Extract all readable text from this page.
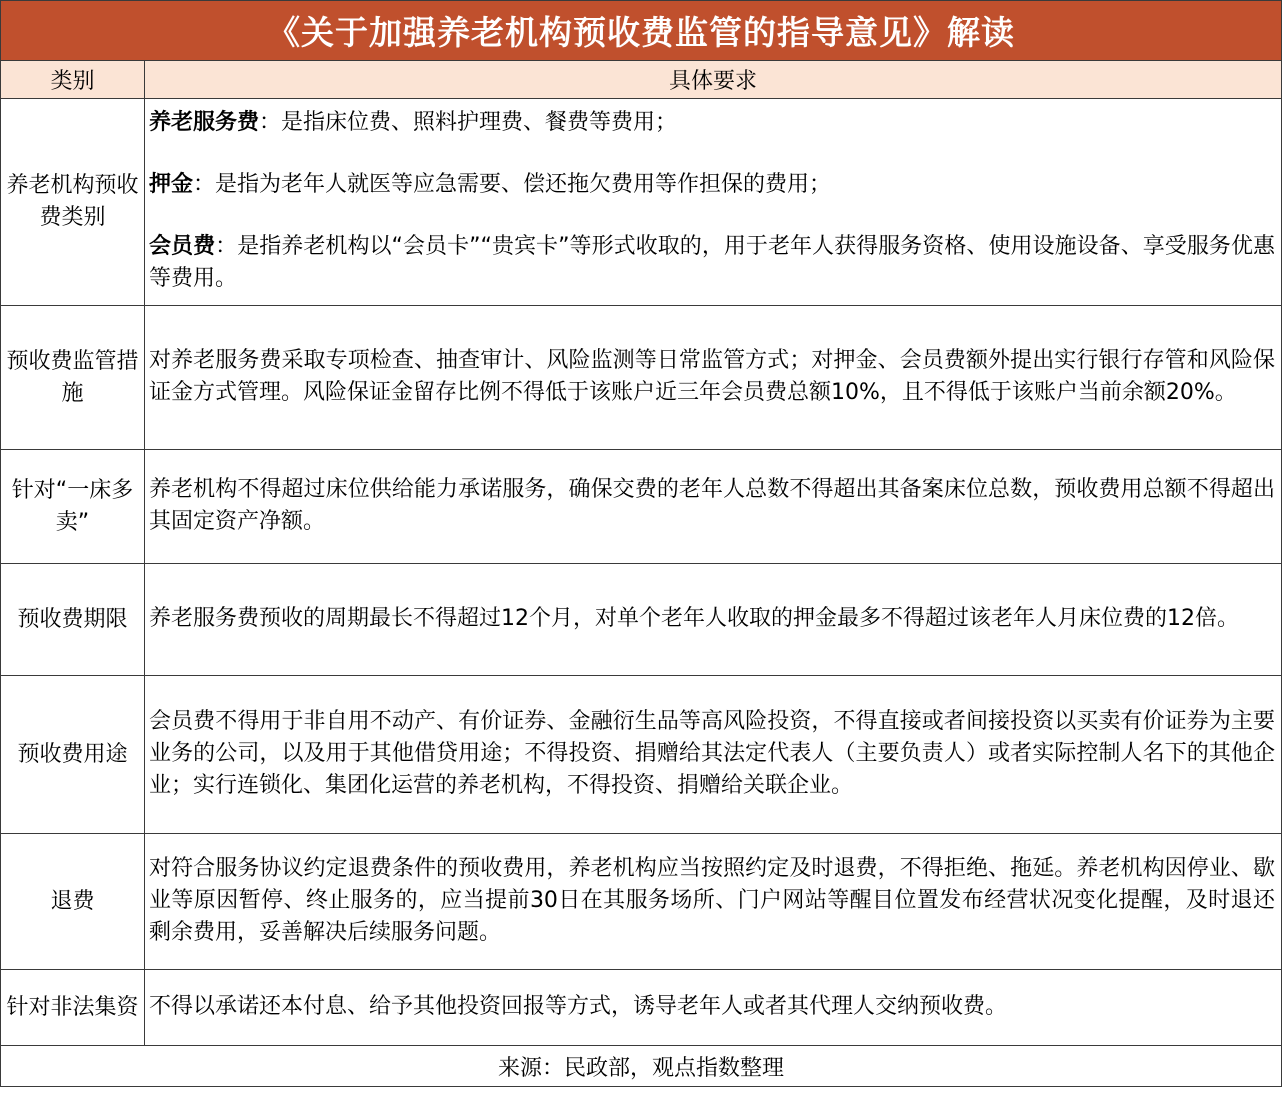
《关于加强养老机构预收费监管的指导意见》解读	
类别	具体要求
养老机构预收费类别	养老服务费：是指床位费、照料护理费、餐费等费用；

押金：是指为老年人就医等应急需要、偿还拖欠费用等作担保的费用；

会员费：是指养老机构以“会员卡”“贵宾卡”等形式收取的，用于老年人获得服务资格、使用设施设备、享受服务优惠等费用。

预收费监管措施	对养老服务费采取专项检查、抽查审计、风险监测等日常监管方式；对押金、会员费额外提出实行银行存管和风险保证金方式管理。风险保证金留存比例不得低于该账户近三年会员费总额10%，且不得低于该账户当前余额20%。
针对“一床多卖”	养老机构不得超过床位供给能力承诺服务，确保交费的老年人总数不得超出其备案床位总数，预收费用总额不得超出其固定资产净额。
预收费期限	养老服务费预收的周期最长不得超过12个月，对单个老年人收取的押金最多不得超过该老年人月床位费的12倍。
预收费用途	会员费不得用于非自用不动产、有价证券、金融衍生品等高风险投资，不得直接或者间接投资以买卖有价证券为主要业务的公司，以及用于其他借贷用途；不得投资、捐赠给其法定代表人（主要负责人）或者实际控制人名下的其他企业；实行连锁化、集团化运营的养老机构，不得投资、捐赠给关联企业。
退费	对符合服务协议约定退费条件的预收费用，养老机构应当按照约定及时退费，不得拒绝、拖延。养老机构因停业、歇业等原因暂停、终止服务的，应当提前30日在其服务场所、门户网站等醒目位置发布经营状况变化提醒，及时退还剩余费用，妥善解决后续服务问题。
针对非法集资	不得以承诺还本付息、给予其他投资回报等方式，诱导老年人或者其代理人交纳预收费。
来源：民政部，观点指数整理	
